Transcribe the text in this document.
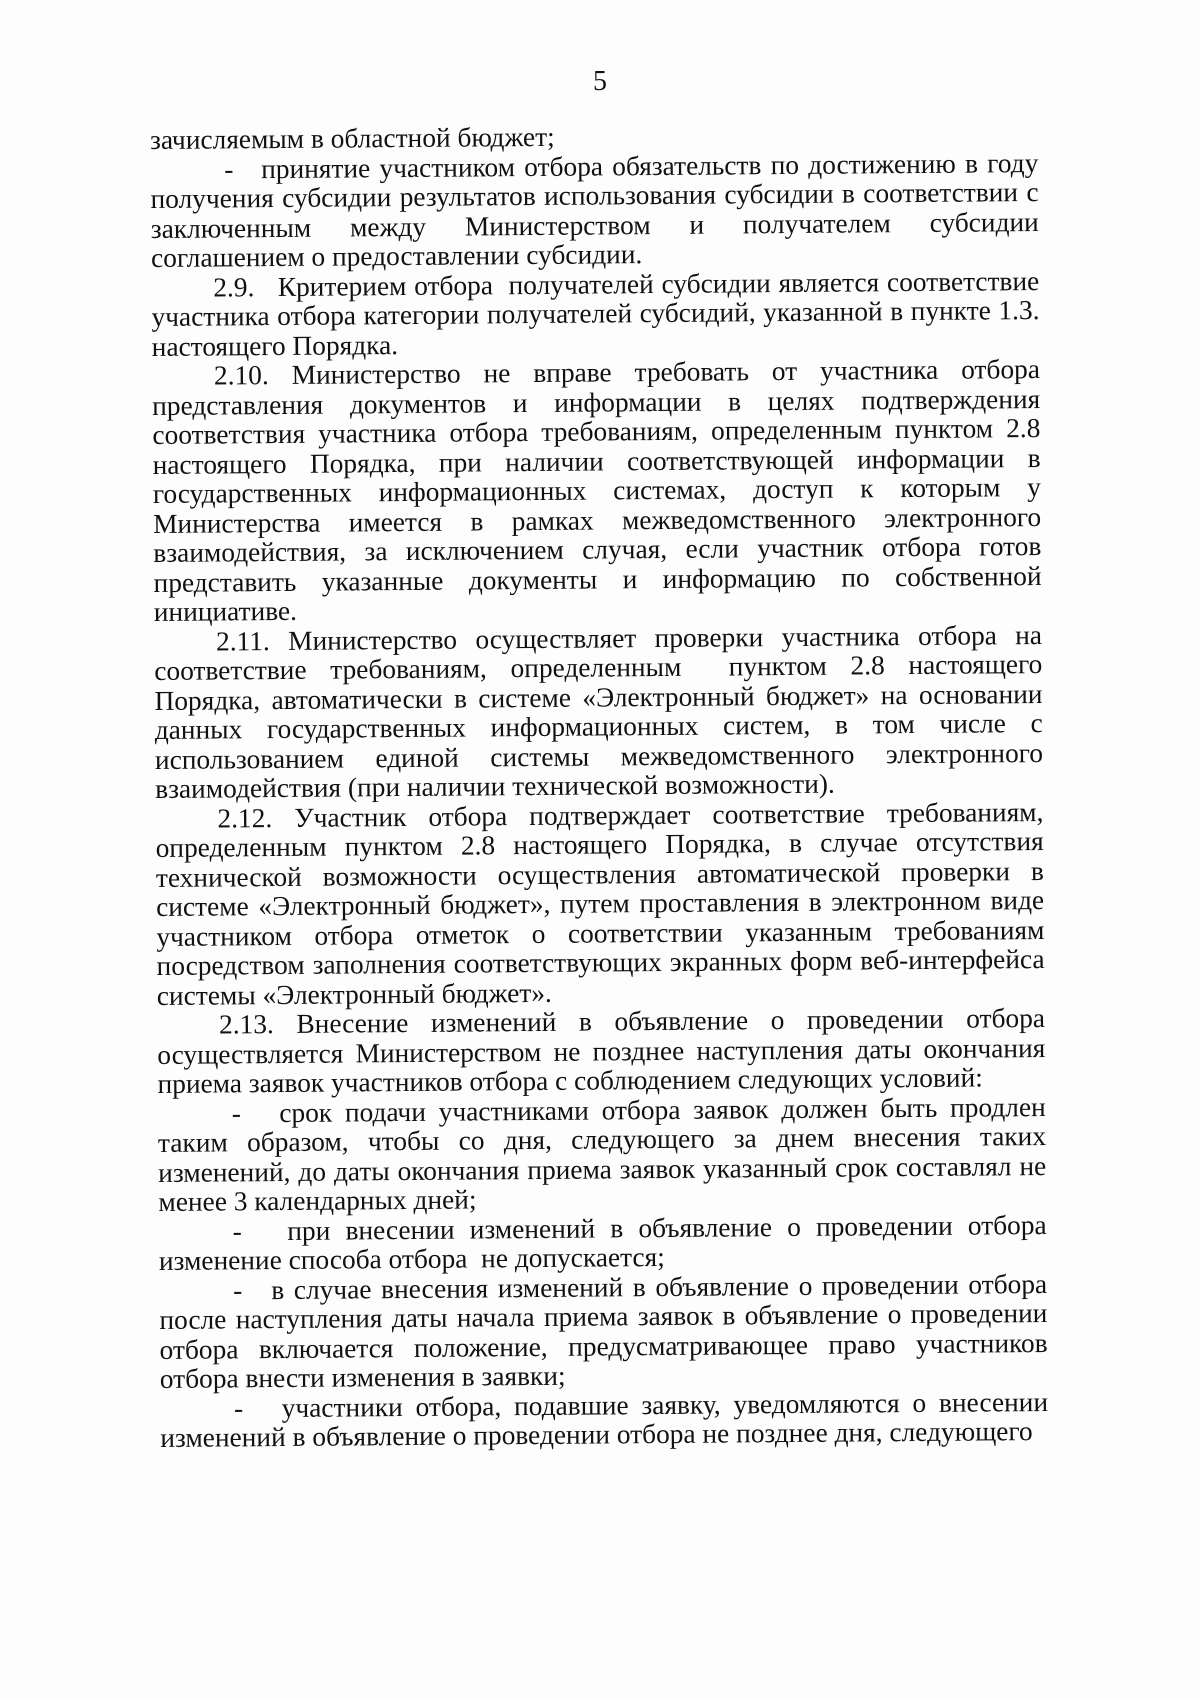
5

зачисляемым в областной бюджет;

-   принятие участником отбора обязательств по достижению в году получения субсидии результатов использования субсидии в соответствии с заключенным между Министерством и получателем субсидии соглашением о предоставлении субсидии.

2.9.   Критерием отбора  получателей субсидии является соответствие участника отбора категории получателей субсидий, указанной в пункте 1.3. настоящего Порядка.

2.10. Министерство не вправе требовать от участника отбора представления документов и информации в целях подтверждения соответствия участника отбора требованиям, определенным пунктом 2.8 настоящего Порядка, при наличии соответствующей информации в государственных информационных системах, доступ к которым у Министерства имеется в рамках межведомственного электронного взаимодействия, за исключением случая, если участник отбора готов представить указанные документы и информацию по собственной инициативе.

2.11. Министерство осуществляет проверки участника отбора на соответствие требованиям, определенным  пунктом 2.8 настоящего Порядка, автоматически в системе «Электронный бюджет» на основании данных государственных информационных систем, в том числе с использованием единой системы межведомственного электронного взаимодействия (при наличии технической возможности).

2.12. Участник отбора подтверждает соответствие требованиям, определенным пунктом 2.8 настоящего Порядка, в случае отсутствия технической возможности осуществления автоматической проверки в системе «Электронный бюджет», путем проставления в электронном виде участником отбора отметок о соответствии указанным требованиям посредством заполнения соответствующих экранных форм веб-интерфейса системы «Электронный бюджет».

2.13. Внесение изменений в объявление о проведении отбора осуществляется Министерством не позднее наступления даты окончания приема заявок участников отбора с соблюдением следующих условий:

-   срок подачи участниками отбора заявок должен быть продлен таким образом, чтобы со дня, следующего за днем внесения таких изменений, до даты окончания приема заявок указанный срок составлял не менее 3 календарных дней;

-   при внесении изменений в объявление о проведении отбора изменение способа отбора  не допускается;

-   в случае внесения изменений в объявление о проведении отбора после наступления даты начала приема заявок в объявление о проведении отбора включается положение, предусматривающее право участников отбора внести изменения в заявки;

-   участники отбора, подавшие заявку, уведомляются о внесении изменений в объявление о проведении отбора не позднее дня, следующего
